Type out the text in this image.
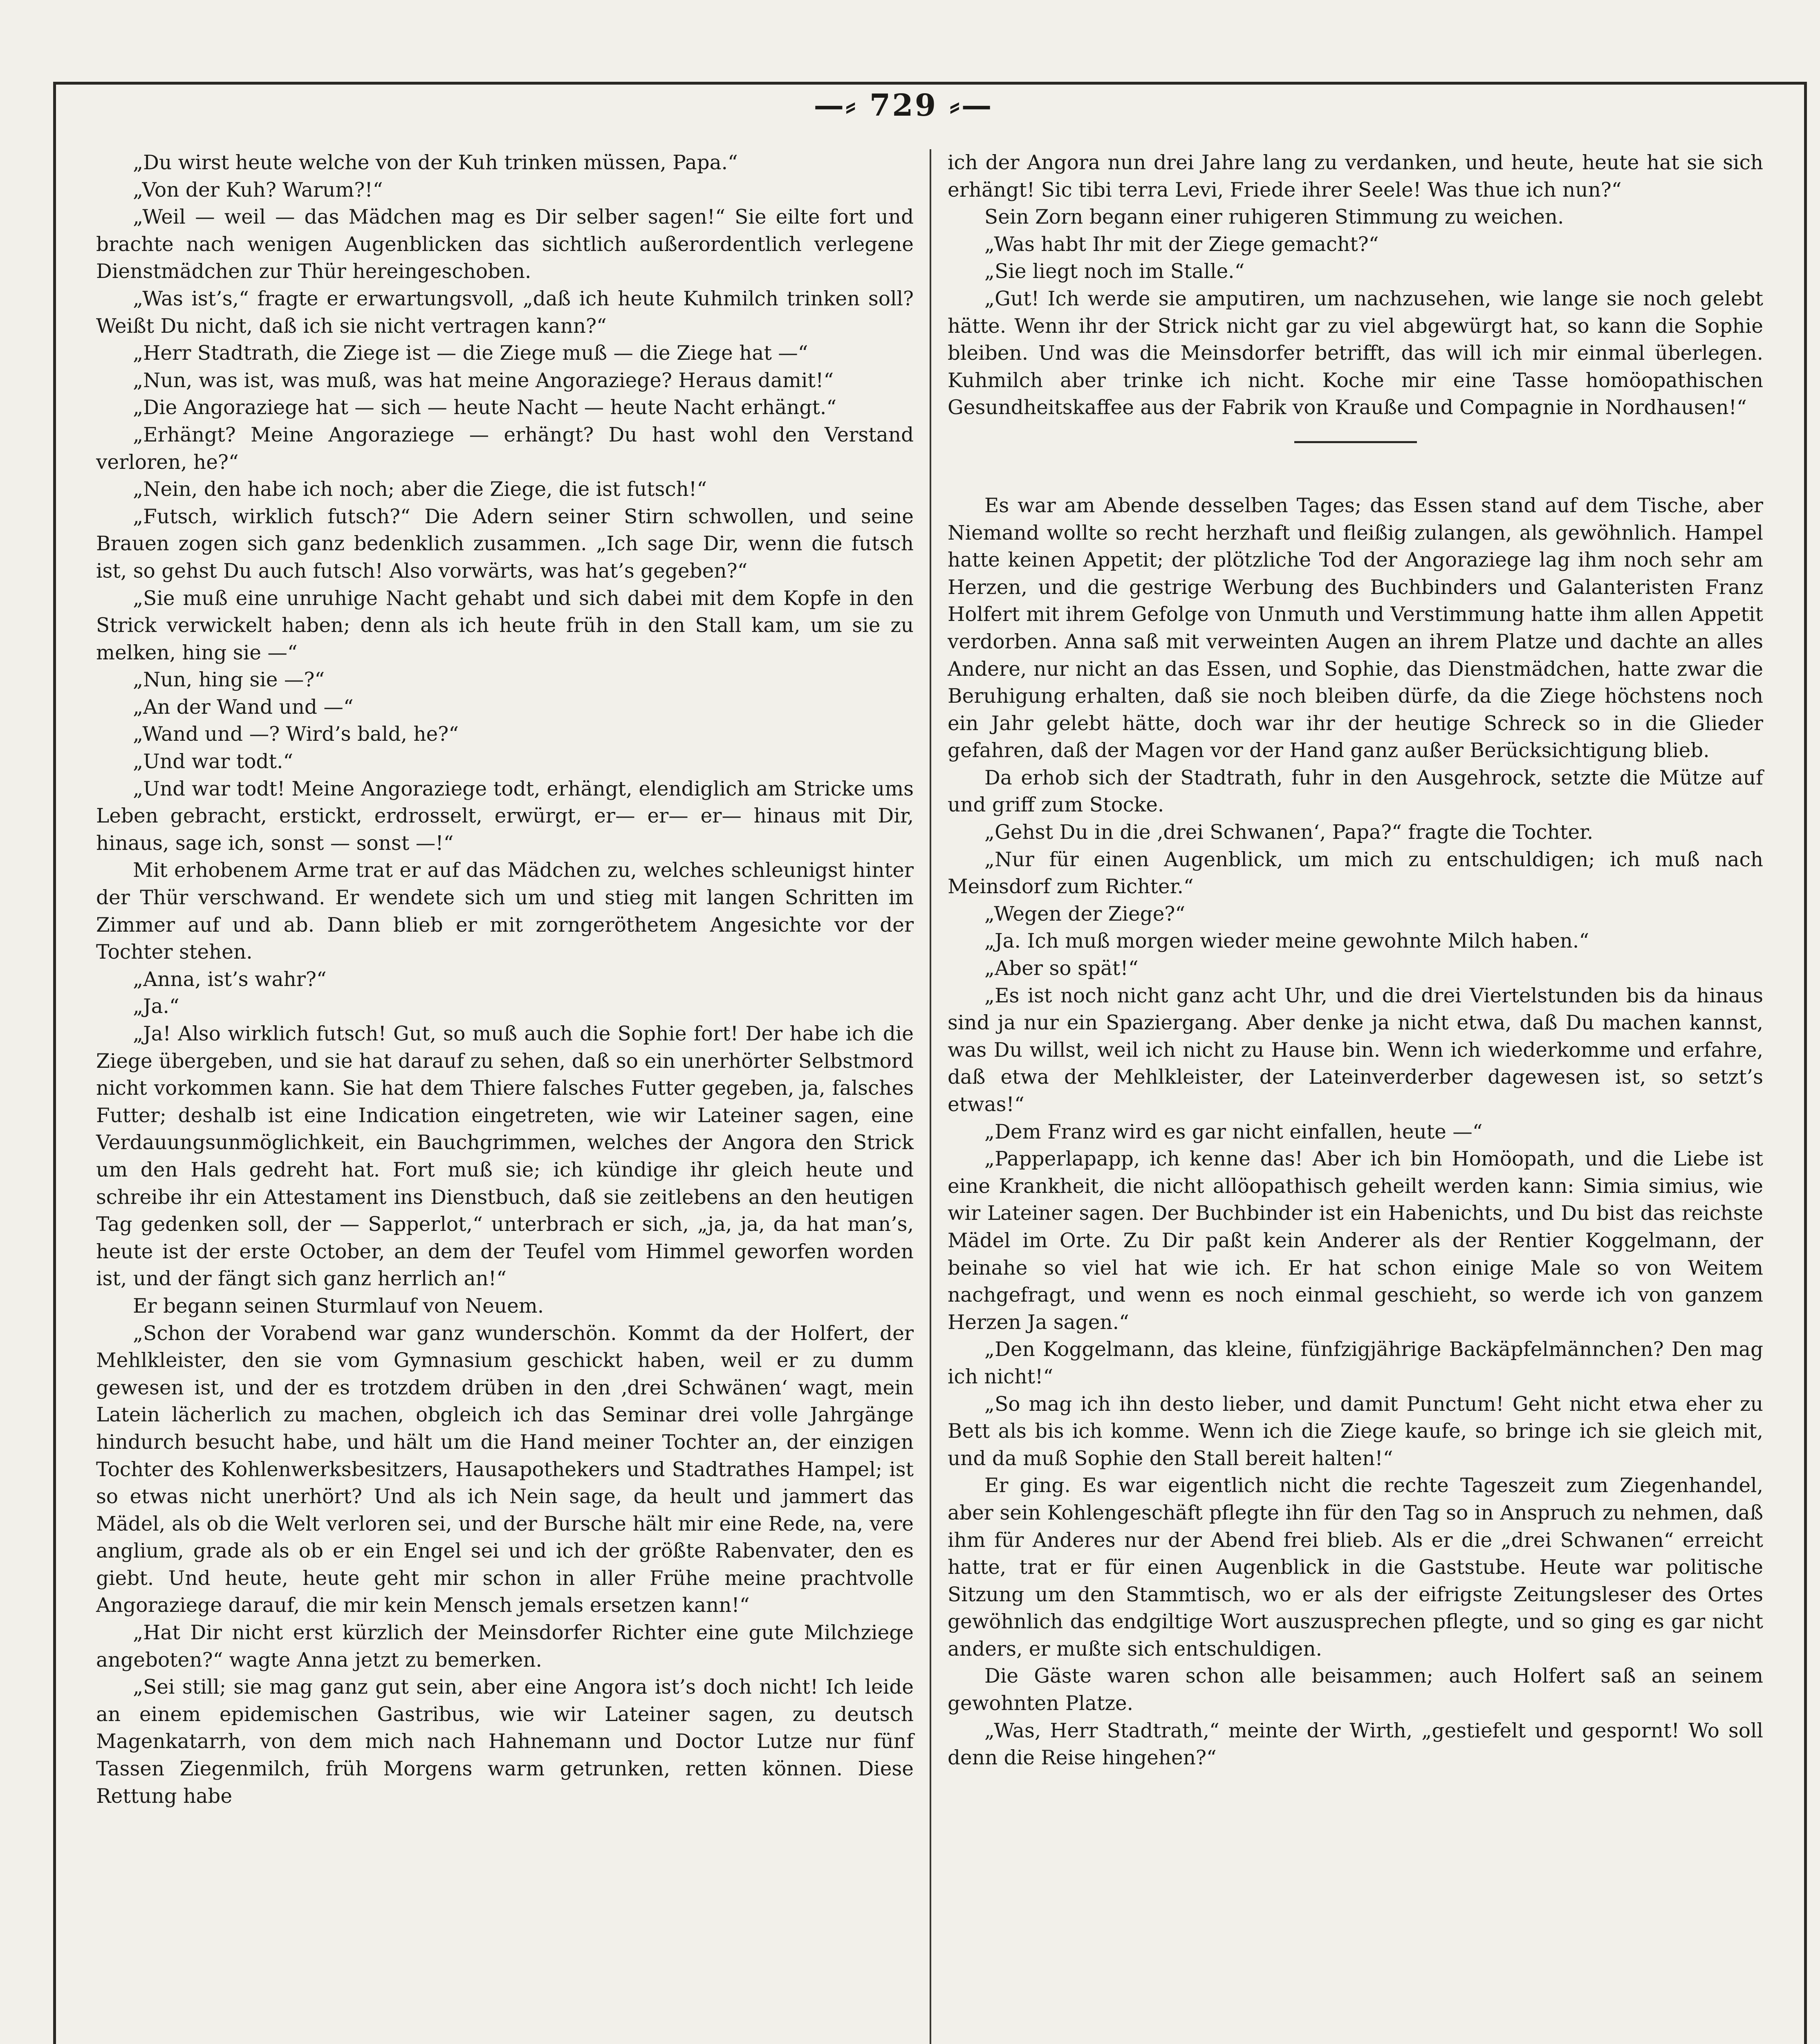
—⸗ 729 ⸗—

„Du wirst heute welche von der Kuh trinken müssen, Papa.“

„Von der Kuh? Warum?!“

„Weil — weil — das Mädchen mag es Dir selber sagen!“ Sie eilte fort und brachte nach wenigen Augenblicken das sichtlich außerordentlich verlegene Dienstmädchen zur Thür hereingeschoben.

„Was ist’s,“ fragte er erwartungsvoll, „daß ich heute Kuhmilch trinken soll? Weißt Du nicht, daß ich sie nicht vertragen kann?“

„Herr Stadtrath, die Ziege ist — die Ziege muß — die Ziege hat —“

„Nun, was ist, was muß, was hat meine Angoraziege? Heraus damit!“

„Die Angoraziege hat — sich — heute Nacht — heute Nacht erhängt.“

„Erhängt? Meine Angoraziege — erhängt? Du hast wohl den Verstand verloren, he?“

„Nein, den habe ich noch; aber die Ziege, die ist futsch!“

„Futsch, wirklich futsch?“ Die Adern seiner Stirn schwollen, und seine Brauen zogen sich ganz bedenklich zusammen. „Ich sage Dir, wenn die futsch ist, so gehst Du auch futsch! Also vorwärts, was hat’s gegeben?“

„Sie muß eine unruhige Nacht gehabt und sich dabei mit dem Kopfe in den Strick verwickelt haben; denn als ich heute früh in den Stall kam, um sie zu melken, hing sie —“

„Nun, hing sie —?“

„An der Wand und —“

„Wand und —? Wird’s bald, he?“

„Und war todt.“

„Und war todt! Meine Angoraziege todt, erhängt, elendiglich am Stricke ums Leben gebracht, erstickt, erdrosselt, erwürgt, er— er— er— hinaus mit Dir, hinaus, sage ich, sonst — sonst —!“

Mit erhobenem Arme trat er auf das Mädchen zu, welches schleunigst hinter der Thür verschwand. Er wendete sich um und stieg mit langen Schritten im Zimmer auf und ab. Dann blieb er mit zorngeröthetem Angesichte vor der Tochter stehen.

„Anna, ist’s wahr?“

„Ja.“

„Ja! Also wirklich futsch! Gut, so muß auch die Sophie fort! Der habe ich die Ziege übergeben, und sie hat darauf zu sehen, daß so ein unerhörter Selbstmord nicht vorkommen kann. Sie hat dem Thiere falsches Futter gegeben, ja, falsches Futter; deshalb ist eine Indication eingetreten, wie wir Lateiner sagen, eine Verdauungsunmöglichkeit, ein Bauchgrimmen, welches der Angora den Strick um den Hals gedreht hat. Fort muß sie; ich kündige ihr gleich heute und schreibe ihr ein Attestament ins Dienstbuch, daß sie zeitlebens an den heutigen Tag gedenken soll, der — Sapperlot,“ unterbrach er sich, „ja, ja, da hat man’s, heute ist der erste October, an dem der Teufel vom Himmel geworfen worden ist, und der fängt sich ganz herrlich an!“

Er begann seinen Sturmlauf von Neuem.

„Schon der Vorabend war ganz wunderschön. Kommt da der Holfert, der Mehlkleister, den sie vom Gymnasium geschickt haben, weil er zu dumm gewesen ist, und der es trotzdem drüben in den ‚drei Schwänen‘ wagt, mein Latein lächerlich zu machen, obgleich ich das Seminar drei volle Jahrgänge hindurch besucht habe, und hält um die Hand meiner Tochter an, der einzigen Tochter des Kohlenwerksbesitzers, Hausapothekers und Stadtrathes Hampel; ist so etwas nicht unerhört? Und als ich Nein sage, da heult und jammert das Mädel, als ob die Welt verloren sei, und der Bursche hält mir eine Rede, na, vere anglium, grade als ob er ein Engel sei und ich der größte Rabenvater, den es giebt. Und heute, heute geht mir schon in aller Frühe meine prachtvolle Angoraziege darauf, die mir kein Mensch jemals ersetzen kann!“

„Hat Dir nicht erst kürzlich der Meinsdorfer Richter eine gute Milchziege angeboten?“ wagte Anna jetzt zu bemerken.

„Sei still; sie mag ganz gut sein, aber eine Angora ist’s doch nicht! Ich leide an einem epidemischen Gastribus, wie wir Lateiner sagen, zu deutsch Magenkatarrh, von dem mich nach Hahnemann und Doctor Lutze nur fünf Tassen Ziegenmilch, früh Morgens warm getrunken, retten können. Diese Rettung habe

ich der Angora nun drei Jahre lang zu verdanken, und heute, heute hat sie sich erhängt! Sic tibi terra Levi, Friede ihrer Seele! Was thue ich nun?“

Sein Zorn begann einer ruhigeren Stimmung zu weichen.

„Was habt Ihr mit der Ziege gemacht?“

„Sie liegt noch im Stalle.“

„Gut! Ich werde sie amputiren, um nachzusehen, wie lange sie noch gelebt hätte. Wenn ihr der Strick nicht gar zu viel abgewürgt hat, so kann die Sophie bleiben. Und was die Meinsdorfer betrifft, das will ich mir einmal überlegen. Kuhmilch aber trinke ich nicht. Koche mir eine Tasse homöopathischen Gesundheitskaffee aus der Fabrik von Krauße und Compagnie in Nordhausen!“

Es war am Abende desselben Tages; das Essen stand auf dem Tische, aber Niemand wollte so recht herzhaft und fleißig zulangen, als gewöhnlich. Hampel hatte keinen Appetit; der plötzliche Tod der Angoraziege lag ihm noch sehr am Herzen, und die gestrige Werbung des Buchbinders und Galanteristen Franz Holfert mit ihrem Gefolge von Unmuth und Verstimmung hatte ihm allen Appetit verdorben. Anna saß mit verweinten Augen an ihrem Platze und dachte an alles Andere, nur nicht an das Essen, und Sophie, das Dienstmädchen, hatte zwar die Beruhigung erhalten, daß sie noch bleiben dürfe, da die Ziege höchstens noch ein Jahr gelebt hätte, doch war ihr der heutige Schreck so in die Glieder gefahren, daß der Magen vor der Hand ganz außer Berücksichtigung blieb.

Da erhob sich der Stadtrath, fuhr in den Ausgehrock, setzte die Mütze auf und griff zum Stocke.

„Gehst Du in die ‚drei Schwanen‘, Papa?“ fragte die Tochter.

„Nur für einen Augenblick, um mich zu entschuldigen; ich muß nach Meinsdorf zum Richter.“

„Wegen der Ziege?“

„Ja. Ich muß morgen wieder meine gewohnte Milch haben.“

„Aber so spät!“

„Es ist noch nicht ganz acht Uhr, und die drei Viertelstunden bis da hinaus sind ja nur ein Spaziergang. Aber denke ja nicht etwa, daß Du machen kannst, was Du willst, weil ich nicht zu Hause bin. Wenn ich wiederkomme und erfahre, daß etwa der Mehlkleister, der Lateinverderber dagewesen ist, so setzt’s etwas!“

„Dem Franz wird es gar nicht einfallen, heute —“

„Papperlapapp, ich kenne das! Aber ich bin Homöopath, und die Liebe ist eine Krankheit, die nicht allöopathisch geheilt werden kann: Simia simius, wie wir Lateiner sagen. Der Buchbinder ist ein Habenichts, und Du bist das reichste Mädel im Orte. Zu Dir paßt kein Anderer als der Rentier Koggelmann, der beinahe so viel hat wie ich. Er hat schon einige Male so von Weitem nachgefragt, und wenn es noch einmal geschieht, so werde ich von ganzem Herzen Ja sagen.“

„Den Koggelmann, das kleine, fünfzigjährige Backäpfelmännchen? Den mag ich nicht!“

„So mag ich ihn desto lieber, und damit Punctum! Geht nicht etwa eher zu Bett als bis ich komme. Wenn ich die Ziege kaufe, so bringe ich sie gleich mit, und da muß Sophie den Stall bereit halten!“

Er ging. Es war eigentlich nicht die rechte Tageszeit zum Ziegenhandel, aber sein Kohlengeschäft pflegte ihn für den Tag so in Anspruch zu nehmen, daß ihm für Anderes nur der Abend frei blieb. Als er die „drei Schwanen“ erreicht hatte, trat er für einen Augenblick in die Gaststube. Heute war politische Sitzung um den Stammtisch, wo er als der eifrigste Zeitungsleser des Ortes gewöhnlich das endgiltige Wort auszusprechen pflegte, und so ging es gar nicht anders, er mußte sich entschuldigen.

Die Gäste waren schon alle beisammen; auch Holfert saß an seinem gewohnten Platze.

„Was, Herr Stadtrath,“ meinte der Wirth, „gestiefelt und gespornt! Wo soll denn die Reise hingehen?“
